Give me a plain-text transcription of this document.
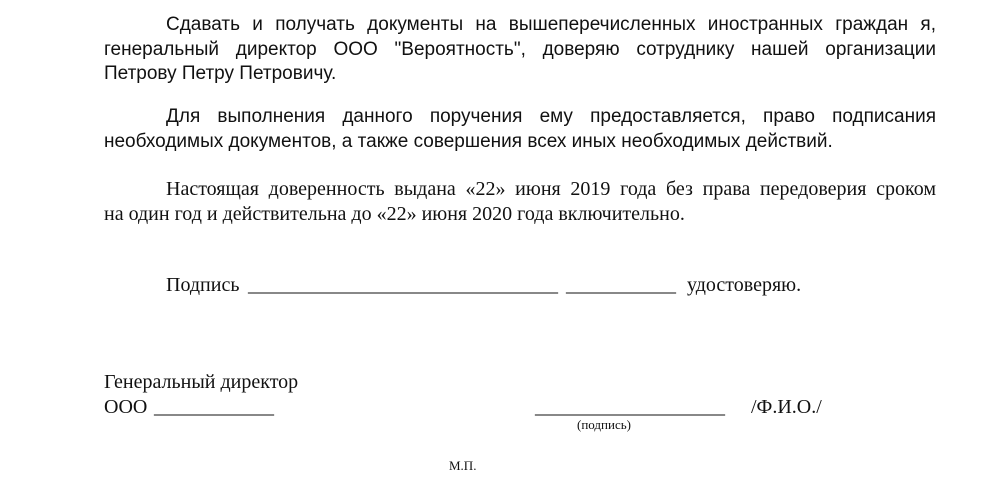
Сдавать и получать документы на вышеперечисленных иностранных граждан я,
генеральный директор ООО "Вероятность", доверяю сотруднику нашей организации
Петрову Петру Петровичу.
Для выполнения данного поручения ему предоставляется, право подписания
необходимых документов, а также совершения всех иных необходимых действий.
Настоящая доверенность выдана «22» июня 2019 года без права передоверия сроком
на один год и действительна до «22» июня 2020 года включительно.
Подпись _______________________________ ___________ удостоверяю.
Генеральный директор
ООО ____________	___________________ /Ф.И.О./
(подпись)
М.П.
